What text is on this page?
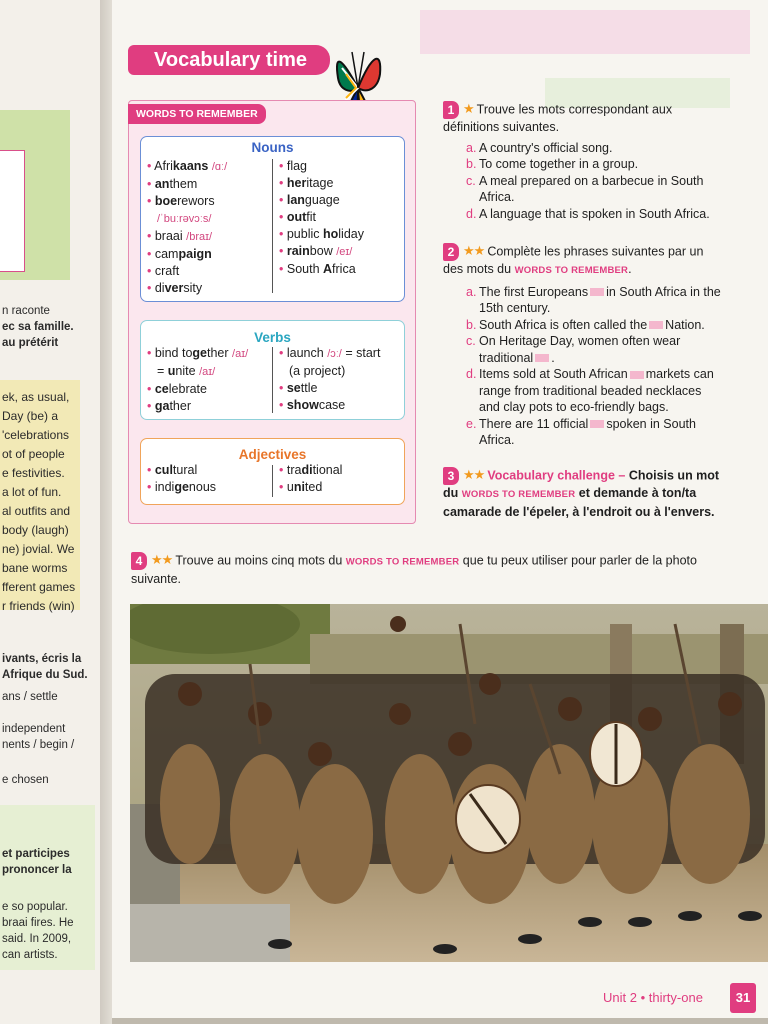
n raconte
ec sa famille.
au prétérit
ek, as usual,
Day (be) a
'celebrations
ot of people
e festivities.
a lot of fun.
al outfits and
body (laugh)
ne) jovial. We
bane worms
fferent games
r friends (win)
ivants, écris la
Afrique du Sud.
ans / settle
independent
nents / begin /
e chosen
et participes
prononcer la
e so popular.
braai fires. He
said. In 2009,
can artists.
Vocabulary time
WORDS TO REMEMBER
Nouns
• Afrikaans /ɑː/
• anthem
• boerewors
/ˈbuːrəvɔːs/
• braai /braɪ/
• campaign
• craft
• diversity
• flag
• heritage
• language
• outfit
• public holiday
• rainbow /eɪ/
• South Africa
Verbs
• bind together /aɪ/
= unite /aɪ/
• celebrate
• gather
• launch /ɔː/ = start
(a project)
• settle
• showcase
Adjectives
• cultural
• indigenous
• traditional
• united
1 ★ Trouve les mots correspondant aux définitions suivantes.
a. A country's official song.
b. To come together in a group.
c. A meal prepared on a barbecue in South Africa.
d. A language that is spoken in South Africa.
2 ★★ Complète les phrases suivantes par un des mots du WORDS TO REMEMBER.
a. The first Europeans in South Africa in the 15th century.
b. South Africa is often called the Nation.
c. On Heritage Day, women often wear traditional .
d. Items sold at South African markets can range from traditional beaded necklaces and clay pots to eco-friendly bags.
e. There are 11 official spoken in South Africa.
3 ★★ Vocabulary challenge – Choisis un mot du WORDS TO REMEMBER et demande à ton/ta camarade de l'épeler, à l'endroit ou à l'envers.
4 ★★ Trouve au moins cinq mots du WORDS TO REMEMBER que tu peux utiliser pour parler de la photo suivante.
Unit 2 • thirty-one	31
